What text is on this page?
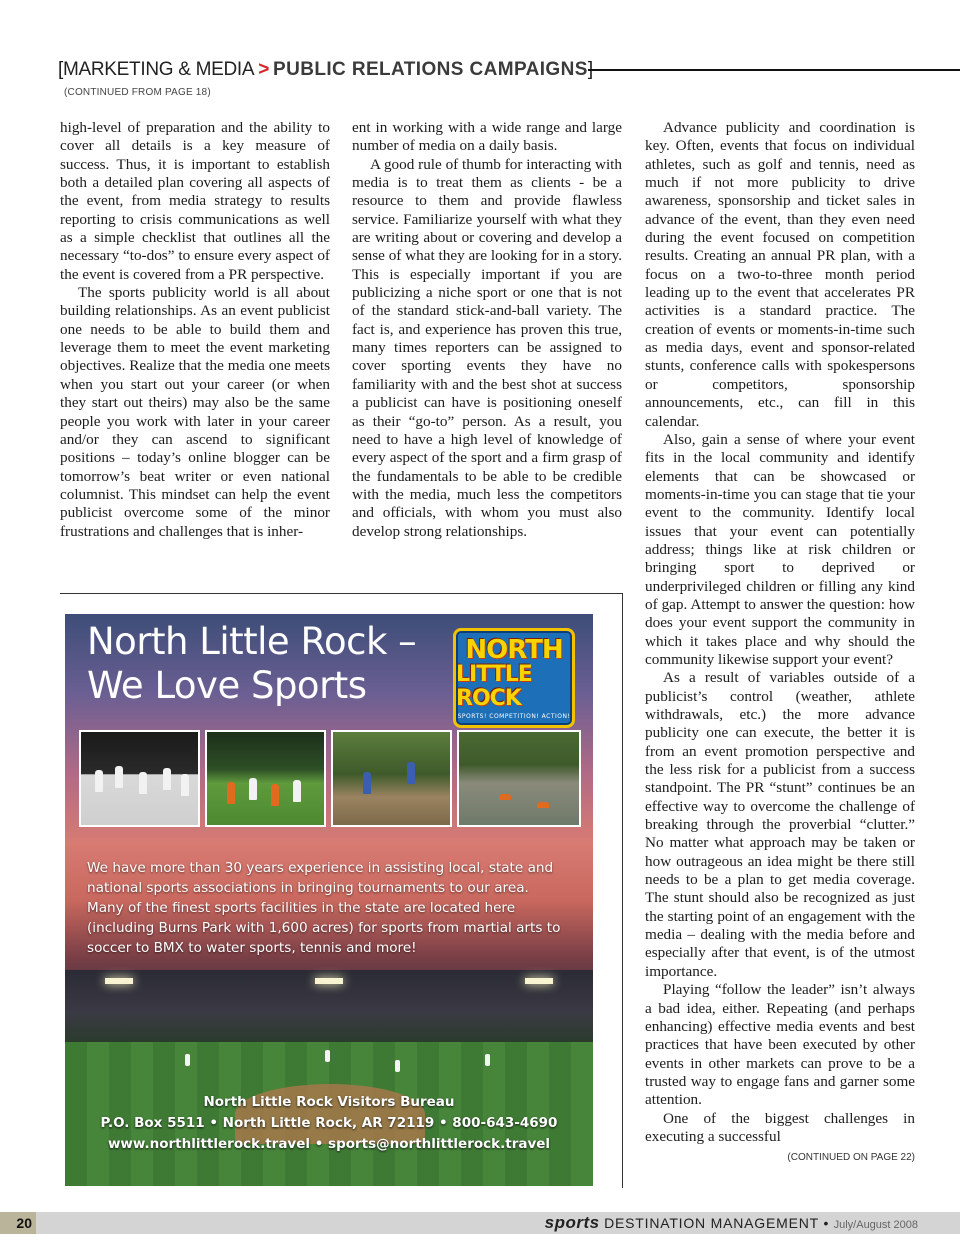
[MARKETING & MEDIA > PUBLIC RELATIONS CAMPAIGNS
(CONTINUED FROM PAGE 18)

high-level of preparation and the ability to cover all details is a key measure of success. Thus, it is important to establish both a detailed plan covering all aspects of the event, from media strategy to results reporting to crisis communications as well as a simple checklist that outlines all the necessary “to-dos” to ensure every aspect of the event is covered from a PR perspective.

The sports publicity world is all about building relationships. As an event publicist one needs to be able to build them and leverage them to meet the event marketing objectives. Realize that the media one meets when you start out your career (or when they start out theirs) may also be the same people you work with later in your career and/or they can ascend to significant positions – today’s online blogger can be tomorrow’s beat writer or even national columnist. This mindset can help the event publicist overcome some of the minor frustrations and challenges that is inher-

ent in working with a wide range and large number of media on a daily basis.

A good rule of thumb for interacting with media is to treat them as clients - be a resource to them and provide flawless service. Familiarize yourself with what they are writing about or covering and develop a sense of what they are looking for in a story. This is especially important if you are publicizing a niche sport or one that is not of the standard stick-and-ball variety. The fact is, and experience has proven this true, many times reporters can be assigned to cover sporting events they have no familiarity with and the best shot at success a publicist can have is positioning oneself as their “go-to” person. As a result, you need to have a high level of knowledge of every aspect of the sport and a firm grasp of the fundamentals to be able to be credible with the media, much less the competitors and officials, with whom you must also develop strong relationships.

Advance publicity and coordination is key. Often, events that focus on individual athletes, such as golf and tennis, need as much if not more publicity to drive awareness, sponsorship and ticket sales in advance of the event, than they even need during the event focused on competition results. Creating an annual PR plan, with a focus on a two-to-three month period leading up to the event that accelerates PR activities is a standard practice. The creation of events or moments-in-time such as media days, event and sponsor-related stunts, conference calls with spokespersons or competitors, sponsorship announcements, etc., can fill in this calendar.

Also, gain a sense of where your event fits in the local community and identify elements that can be showcased or moments-in-time you can stage that tie your event to the community. Identify local issues that your event can potentially address; things like at risk children or bringing sport to deprived or underprivileged children or filling any kind of gap. Attempt to answer the question: how does your event support the community in which it takes place and why should the community likewise support your event?

As a result of variables outside of a publicist’s control (weather, athlete withdrawals, etc.) the more advance publicity one can execute, the better it is from an event promotion perspective and the less risk for a publicist from a success standpoint. The PR “stunt” continues be an effective way to overcome the challenge of breaking through the proverbial “clutter.” No matter what approach may be taken or how outrageous an idea might be there still needs to be a plan to get media coverage. The stunt should also be recognized as just the starting point of an engagement with the media – dealing with the media before and especially after that event, is of the utmost importance.

Playing “follow the leader” isn’t always a bad idea, either. Repeating (and perhaps enhancing) effective media events and best practices that have been executed by other events in other markets can prove to be a trusted way to engage fans and garner some attention.

One of the biggest challenges in executing a successful
(CONTINUED ON PAGE 22)

North Little Rock –
We Love Sports
NORTH
LITTLE ROCK
SPORTS! COMPETITION! ACTION!
We have more than 30 years experience in assisting local, state and national sports associations in bringing tournaments to our area. Many of the finest sports facilities in the state are located here (including Burns Park with 1,600 acres) for sports from martial arts to soccer to BMX to water sports, tennis and more!
North Little Rock Visitors Bureau
P.O. Box 5511 • North Little Rock, AR 72119 • 800-643-4690
www.northlittlerock.travel • sports@northlittlerock.travel
20	sports DESTINATION MANAGEMENT • July/August 2008
